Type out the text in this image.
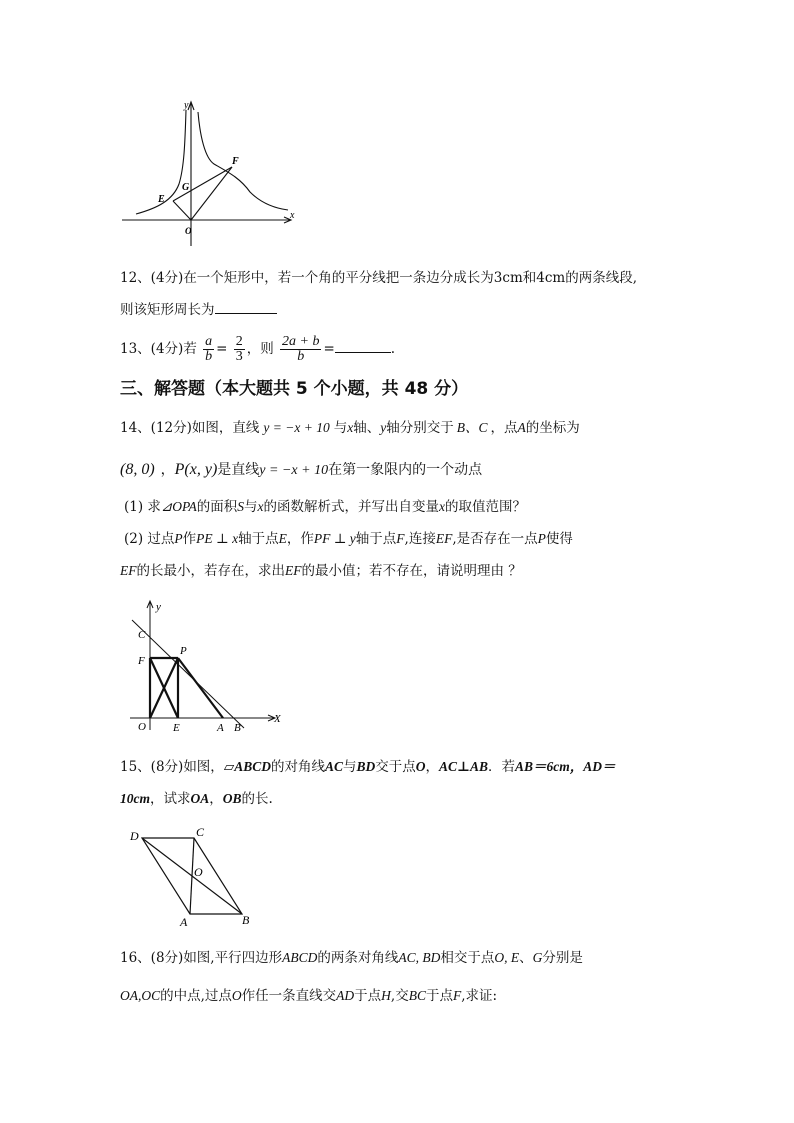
y
x
F
E
G
O
12、(4分)在一个矩形中，若一个角的平分线把一条边分成长为3cm和4cm的两条线段,
则该矩形周长为
13、(4分)若 $\frac{a}{b} = \frac{2}{3}$ ，则 $\frac{2a + b}{b}$ =	.
三、解答题（本大题共 5 个小题，共 48 分）
14、(12分)如图，直线 y = −x + 10 与x轴、y轴分别交于 B、C ，点A的坐标为
(8, 0) ，P(x, y)是直线y = −x + 10在第一象限内的一个动点
(1) 求⊿OPA的面积S与x的函数解析式，并写出自变量x的取值范围？
(2) 过点P作PE ⊥ x轴于点E，作PF ⊥ y轴于点F,连接EF,是否存在一点P使得
EF的长最小，若存在，求出EF的最小值；若不存在，请说明理由 ？
y
C
P
F
O E	A B
X
15、(8分)如图，▱ABCD的对角线AC与BD交于点O，AC⊥AB．若AB＝6cm，AD＝
10cm，试求OA，OB的长.
D	C
O
A	B
16、(8分)如图,平行四边形ABCD的两条对角线AC, BD相交于点O, E、G分别是
OA,OC的中点,过点O作任一条直线交AD于点H,交BC于点F,求证:
